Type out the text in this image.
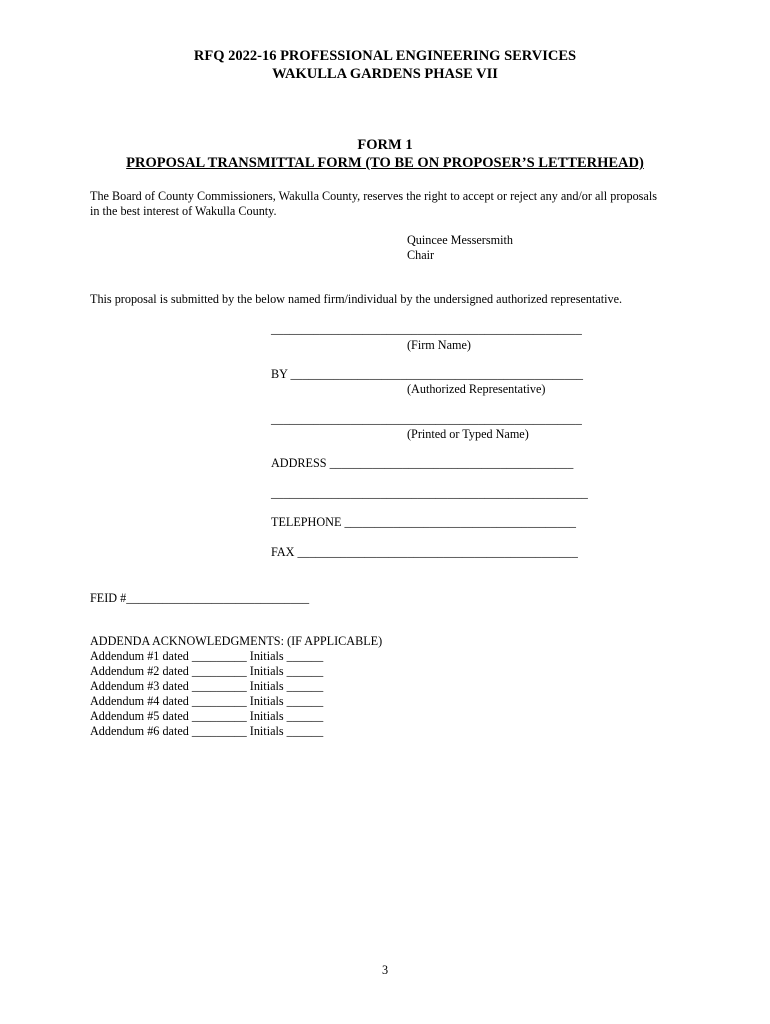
RFQ 2022-16 PROFESSIONAL ENGINEERING SERVICES
WAKULLA GARDENS PHASE VII
FORM 1
PROPOSAL TRANSMITTAL FORM (TO BE ON PROPOSER’S LETTERHEAD)
The Board of County Commissioners, Wakulla County, reserves the right to accept or reject any and/or all proposals
in the best interest of Wakulla County.
Quincee Messersmith
Chair
This proposal is submitted by the below named firm/individual by the undersigned authorized representative.
___________________________________________________
(Firm Name)
BY ________________________________________________
(Authorized Representative)
___________________________________________________
(Printed or Typed Name)
ADDRESS ________________________________________
____________________________________________________
TELEPHONE ______________________________________
FAX ______________________________________________
FEID #______________________________
ADDENDA ACKNOWLEDGMENTS: (IF APPLICABLE)
Addendum #1 dated _________ Initials ______
Addendum #2 dated _________ Initials ______
Addendum #3 dated _________ Initials ______
Addendum #4 dated _________ Initials ______
Addendum #5 dated _________ Initials ______
Addendum #6 dated _________ Initials ______
3
